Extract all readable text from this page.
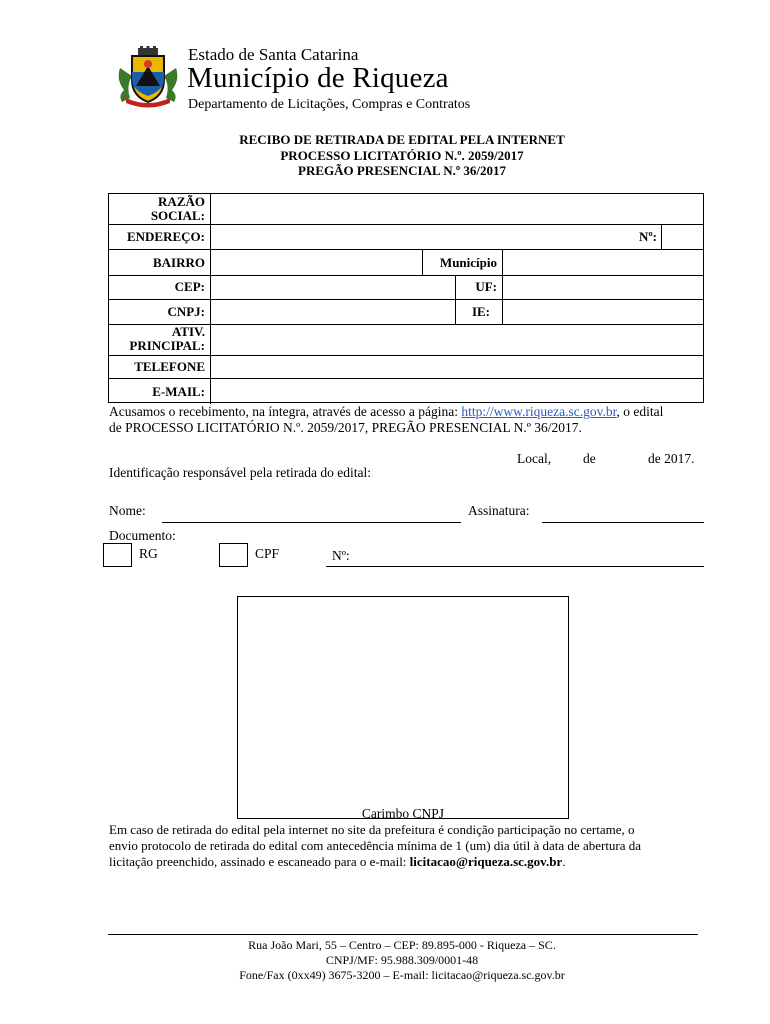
Estado de Santa Catarina
Município de Riqueza
Departamento de Licitações, Compras e Contratos
RECIBO DE RETIRADA DE EDITAL PELA INTERNET
PROCESSO LICITATÓRIO N.º. 2059/2017
PREGÃO PRESENCIAL N.º 36/2017
RAZÃO
SOCIAL:
ENDEREÇO:	Nº:
BAIRRO	Município
CEP:	UF:
CNPJ:	IE:
ATIV.
PRINCIPAL:
TELEFONE
E-MAIL:
Acusamos o recebimento, na íntegra, através de acesso a página: http://www.riqueza.sc.gov.br, o edital
de PROCESSO LICITATÓRIO N.º. 2059/2017, PREGÃO PRESENCIAL N.º 36/2017.
Local, de	de 2017.
Identificação responsável pela retirada do edital:
Nome:	Assinatura:
Documento:
RG	CPF	Nº:
Carimbo CNPJ
Em caso de retirada do edital pela internet no site da prefeitura é condição participação no certame, o
envio protocolo de retirada do edital com antecedência mínima de 1 (um) dia útil à data de abertura da
licitação preenchido, assinado e escaneado para o e-mail: licitacao@riqueza.sc.gov.br.
Rua João Mari, 55 – Centro – CEP: 89.895-000 - Riqueza – SC.
CNPJ/MF: 95.988.309/0001-48
Fone/Fax (0xx49) 3675-3200 – E-mail: licitacao@riqueza.sc.gov.br
